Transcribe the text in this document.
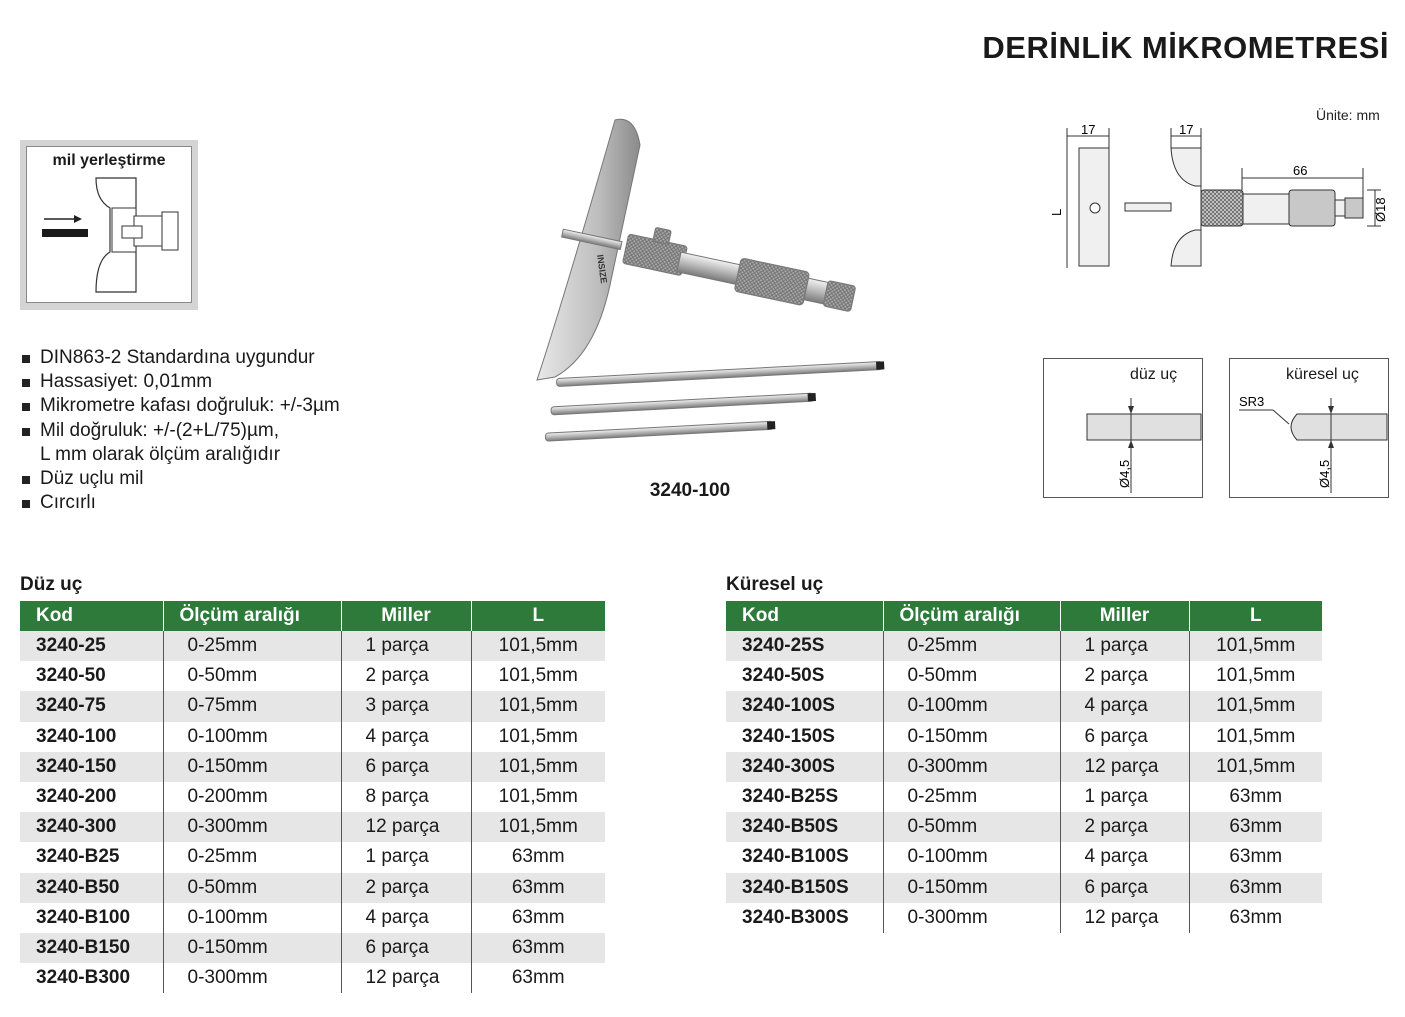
DERİNLİK MİKROMETRESİ
Ünite: mm
mil yerleştirme
DIN863-2 Standardına uygundur
Hassasiyet: 0,01mm
Mikrometre kafası doğruluk: +/-3µm
Mil doğruluk: +/-(2+L/75)µm,
L mm olarak ölçüm aralığıdır
Düz uçlu mil
Cırcırlı
INSIZE
3240-100
17
L
17
66
Ø18
düz uç
Ø4,5
küresel uç
SR3
Ø4,5
Düz uç	Küresel uç
Kod	Ölçüm aralığı	Miller	L
3240-25	0-25mm	1 parça	101,5mm
3240-50	0-50mm	2 parça	101,5mm
3240-75	0-75mm	3 parça	101,5mm
3240-100	0-100mm	4 parça	101,5mm
3240-150	0-150mm	6 parça	101,5mm
3240-200	0-200mm	8 parça	101,5mm
3240-300	0-300mm	12 parça	101,5mm
3240-B25	0-25mm	1 parça	63mm
3240-B50	0-50mm	2 parça	63mm
3240-B100	0-100mm	4 parça	63mm
3240-B150	0-150mm	6 parça	63mm
3240-B300	0-300mm	12 parça	63mm
Kod	Ölçüm aralığı	Miller	L
3240-25S	0-25mm	1 parça	101,5mm
3240-50S	0-50mm	2 parça	101,5mm
3240-100S	0-100mm	4 parça	101,5mm
3240-150S	0-150mm	6 parça	101,5mm
3240-300S	0-300mm	12 parça	101,5mm
3240-B25S	0-25mm	1 parça	63mm
3240-B50S	0-50mm	2 parça	63mm
3240-B100S	0-100mm	4 parça	63mm
3240-B150S	0-150mm	6 parça	63mm
3240-B300S	0-300mm	12 parça	63mm
